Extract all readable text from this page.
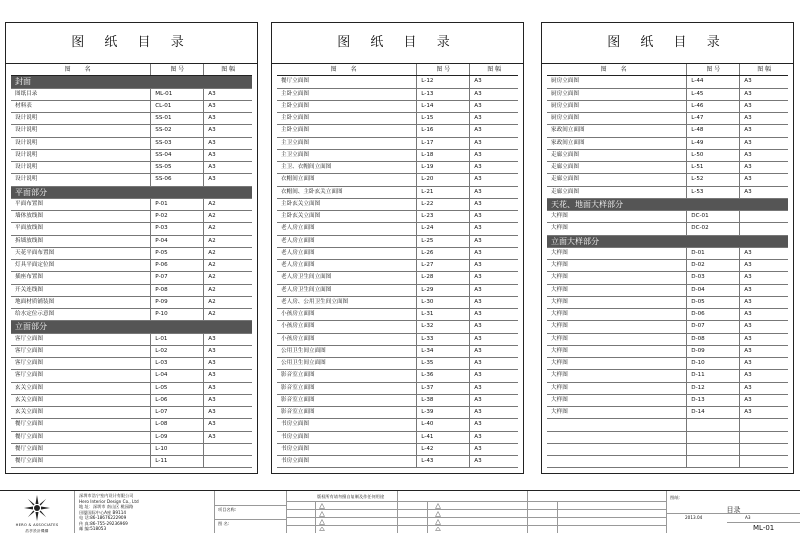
图 纸 目 录
图 名	图 号	图 幅
封面		
图纸目录	ML-01	A3
材料表	CL-01	A3
设计说明	SS-01	A3
设计说明	SS-02	A3
设计说明	SS-03	A3
设计说明	SS-04	A3
设计说明	SS-05	A3
设计说明	SS-06	A3
平面部分		
平面布置图	P-01	A2
墙体放线图	P-02	A2
平面放线图	P-03	A2
拆墙放线图	P-04	A2
天花平面布置图	P-05	A2
灯具平面定位图	P-06	A2
插座布置图	P-07	A2
开关连线图	P-08	A2
地面材质铺装图	P-09	A2
给水定位示意图	P-10	A2
立面部分		
客厅立面图	L-01	A3
客厅立面图	L-02	A3
客厅立面图	L-03	A3
客厅立面图	L-04	A3
玄关立面图	L-05	A3
玄关立面图	L-06	A3
玄关立面图	L-07	A3
餐厅立面图	L-08	A3
餐厅立面图	L-09	A3
餐厅立面图	L-10	
餐厅立面图	L-11	
图 纸 目 录
图 名	图 号	图 幅
餐厅立面图	L-12	A3
主卧立面图	L-13	A3
主卧立面图	L-14	A3
主卧立面图	L-15	A3
主卧立面图	L-16	A3
主卫立面图	L-17	A3
主卫立面图	L-18	A3
主卫、衣帽间立面图	L-19	A3
衣帽间立面图	L-20	A3
衣帽间、主卧玄关立面图	L-21	A3
主卧玄关立面图	L-22	A3
主卧玄关立面图	L-23	A3
老人房立面图	L-24	A3
老人房立面图	L-25	A3
老人房立面图	L-26	A3
老人房立面图	L-27	A3
老人房卫生间立面图	L-28	A3
老人房卫生间立面图	L-29	A3
老人房、公用卫生间立面图	L-30	A3
小孩房立面图	L-31	A3
小孩房立面图	L-32	A3
小孩房立面图	L-33	A3
公用卫生间立面图	L-34	A3
公用卫生间立面图	L-35	A3
影音室立面图	L-36	A3
影音室立面图	L-37	A3
影音室立面图	L-38	A3
影音室立面图	L-39	A3
书房立面图	L-40	A3
书房立面图	L-41	A3
书房立面图	L-42	A3
书房立面图	L-43	A3
图 纸 目 录
图 名	图 号	图 幅
厨房立面图	L-44	A3
厨房立面图	L-45	A3
厨房立面图	L-46	A3
厨房立面图	L-47	A3
家政间立面图	L-48	A3
家政间立面图	L-49	A3
走廊立面图	L-50	A3
走廊立面图	L-51	A3
走廊立面图	L-52	A3
走廊立面图	L-53	A3
天花、地面大样部分		
大样图	DC-01	
大样图	DC-02	
立面大样部分		
大样图	D-01	A3
大样图	D-02	A3
大样图	D-03	A3
大样图	D-04	A3
大样图	D-05	A3
大样图	D-06	A3
大样图	D-07	A3
大样图	D-08	A3
大样图	D-09	A3
大样图	D-10	A3
大样图	D-11	A3
大样图	D-12	A3
大样图	D-13	A3
大样图	D-14	A3

HERO & ASSOCIATES
浩亭設計機構
深圳市浩宁室内设计有限公司
Hero Interior Design Co., Ltd
地 址：深圳市 南山区 桃园路
田厦国际中心A座 B9114
电 话:86-18676222909
传 真:86-755-29236969
邮 编:518053
项目名称:
图 名:
版权所有请勿擅自复制及作任何用途	图纸:
目录
2013.04	A3
ML-01
